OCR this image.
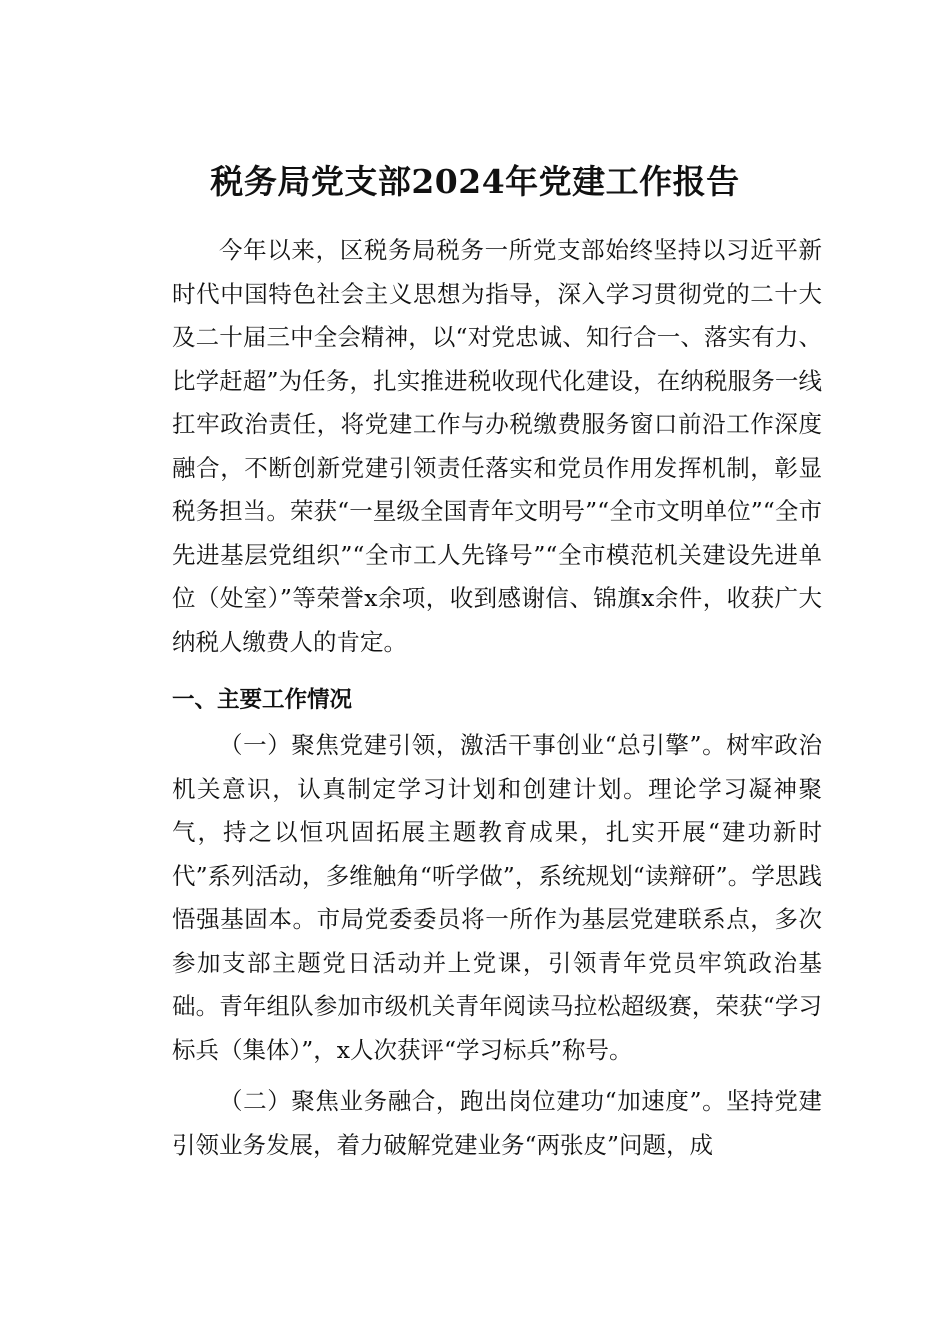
税务局党支部2024年党建工作报告

今年以来，区税务局税务一所党支部始终坚持以习近平新时代中国特色社会主义思想为指导，深入学习贯彻党的二十大及二十届三中全会精神，以“对党忠诚、知行合一、落实有力、比学赶超”为任务，扎实推进税收现代化建设，在纳税服务一线扛牢政治责任，将党建工作与办税缴费服务窗口前沿工作深度融合，不断创新党建引领责任落实和党员作用发挥机制，彰显税务担当。荣获“一星级全国青年文明号”“全市文明单位”“全市先进基层党组织”“全市工人先锋号”“全市模范机关建设先进单位（处室）”等荣誉x余项，收到感谢信、锦旗x余件，收获广大纳税人缴费人的肯定。

一、主要工作情况

（一）聚焦党建引领，激活干事创业“总引擎”。树牢政治机关意识，认真制定学习计划和创建计划。理论学习凝神聚气，持之以恒巩固拓展主题教育成果，扎实开展“建功新时代”系列活动，多维触角“听学做”，系统规划“读辩研”。学思践悟强基固本。市局党委委员将一所作为基层党建联系点，多次参加支部主题党日活动并上党课，引领青年党员牢筑政治基础。青年组队参加市级机关青年阅读马拉松超级赛，荣获“学习标兵（集体）”，x人次获评“学习标兵”称号。

（二）聚焦业务融合，跑出岗位建功“加速度”。坚持党建引领业务发展，着力破解党建业务“两张皮”问题，成
